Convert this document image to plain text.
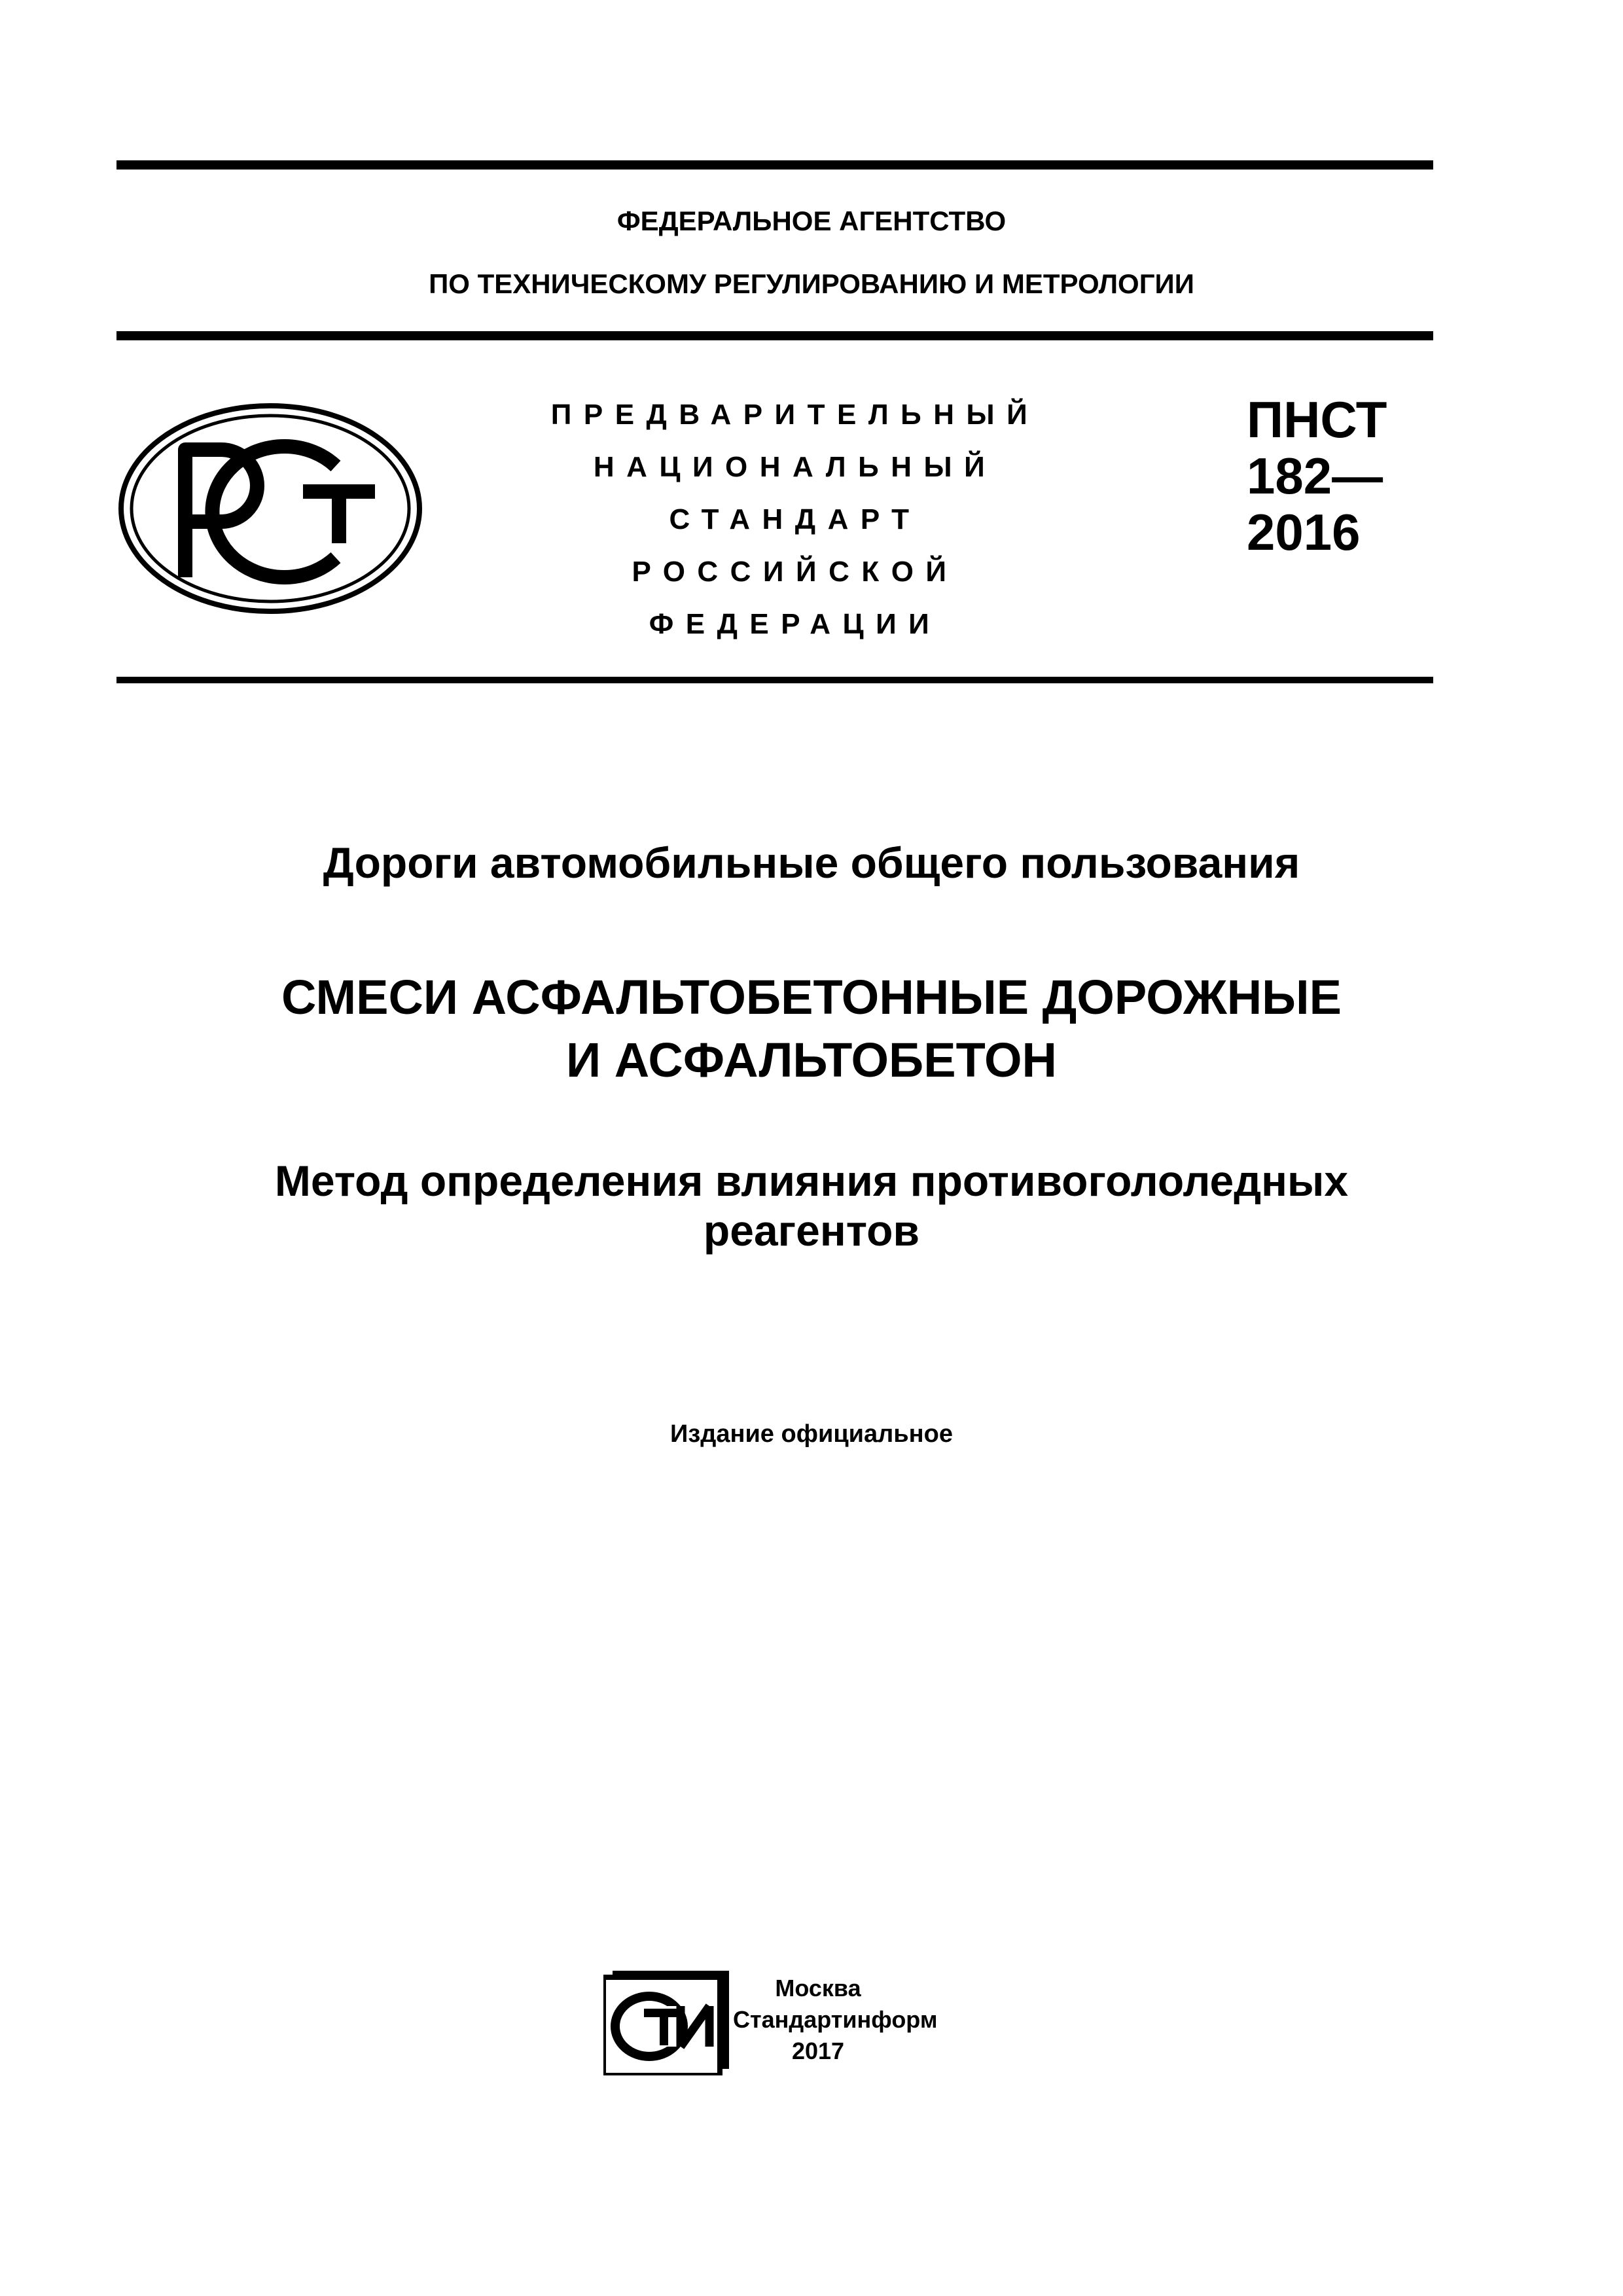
ФЕДЕРАЛЬНОЕ АГЕНТСТВО
ПО ТЕХНИЧЕСКОМУ РЕГУЛИРОВАНИЮ И МЕТРОЛОГИИ
РСТ
ПРЕДВАРИТЕЛЬНЫЙ
НАЦИОНАЛЬНЫЙ
СТАНДАРТ
РОССИЙСКОЙ
ФЕДЕРАЦИИ
ПНСТ
182—
2016
Дороги автомобильные общего пользования
СМЕСИ АСФАЛЬТОБЕТОННЫЕ ДОРОЖНЫЕ
И АСФАЛЬТОБЕТОН
Метод определения влияния противогололедных
реагентов
Издание официальное
СТИ
Москва
Стандартинформ
2017
